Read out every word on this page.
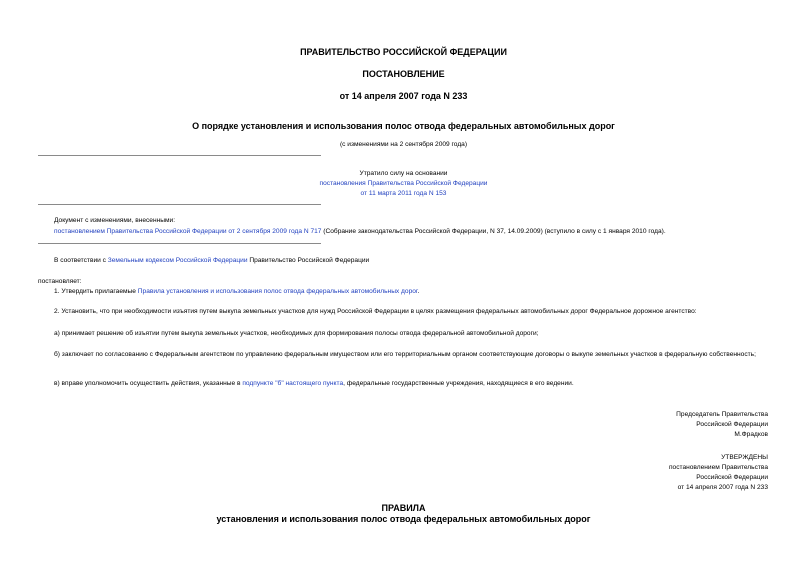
ПРАВИТЕЛЬСТВО РОССИЙСКОЙ ФЕДЕРАЦИИ
ПОСТАНОВЛЕНИЕ
от 14 апреля 2007 года N 233
О порядке установления и использования полос отвода федеральных автомобильных дорог
(с изменениями на 2 сентября 2009 года)
Утратило силу на основании
постановления Правительства Российской Федерации
от 11 марта 2011 года N 153
Документ с изменениями, внесенными:
постановлением Правительства Российской Федерации от 2 сентября 2009 года N 717 (Собрание законодательства Российской Федерации, N 37, 14.09.2009) (вступило в силу с 1 января 2010 года).
В соответствии с Земельным кодексом Российской Федерации Правительство Российской Федерации
постановляет:
1. Утвердить прилагаемые Правила установления и использования полос отвода федеральных автомобильных дорог.
2. Установить, что при необходимости изъятия путем выкупа земельных участков для нужд Российской Федерации в целях размещения федеральных автомобильных дорог Федеральное дорожное агентство:
а) принимает решение об изъятии путем выкупа земельных участков, необходимых для формирования полосы отвода федеральной автомобильной дороги;
б) заключает по согласованию с Федеральным агентством по управлению федеральным имуществом или его территориальным органом соответствующие договоры о выкупе земельных участков в федеральную собственность;
в) вправе уполномочить осуществить действия, указанные в подпункте "б" настоящего пункта, федеральные государственные учреждения, находящиеся в его ведении.
Председатель Правительства
Российской Федерации
М.Фрадков
УТВЕРЖДЕНЫ
постановлением Правительства
Российской Федерации
от 14 апреля 2007 года N 233
ПРАВИЛА
установления и использования полос отвода федеральных автомобильных дорог
